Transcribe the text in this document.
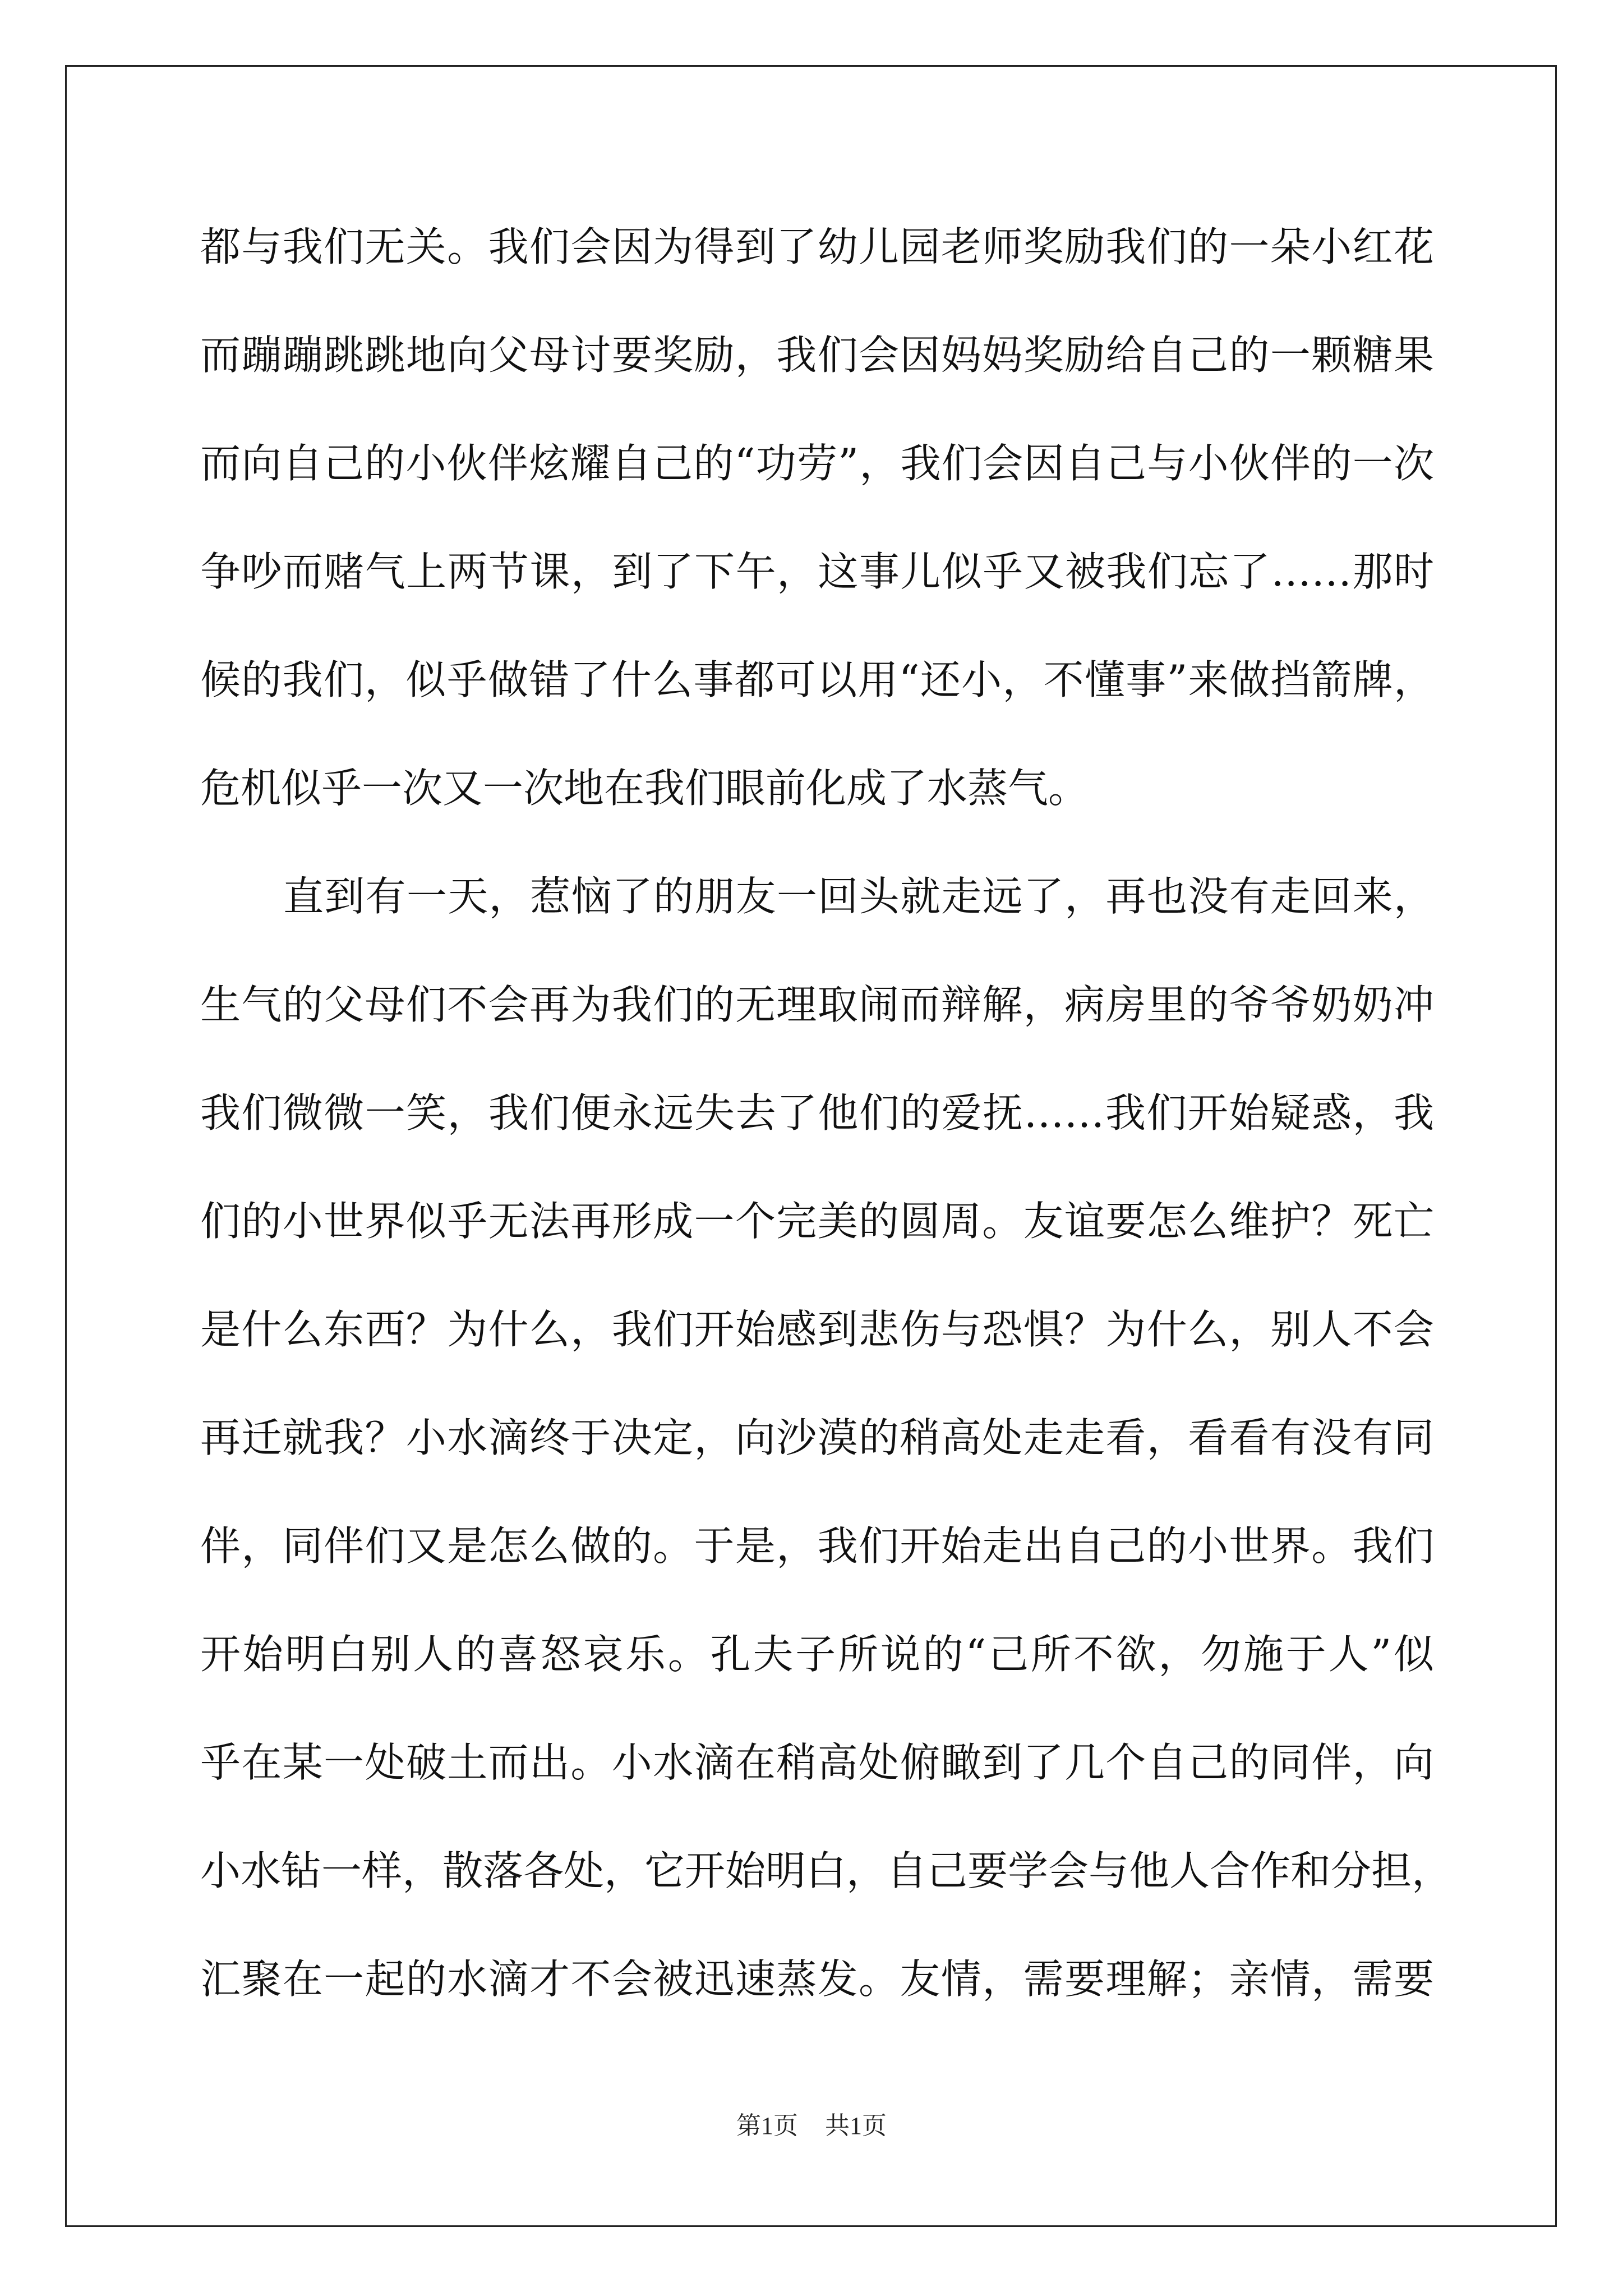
都与我们无关。我们会因为得到了幼儿园老师奖励我们的一朵小红花
而蹦蹦跳跳地向父母讨要奖励，我们会因妈妈奖励给自己的一颗糖果
而向自己的小伙伴炫耀自己的“功劳”，我们会因自己与小伙伴的一次
争吵而赌气上两节课，到了下午，这事儿似乎又被我们忘了……那时
候的我们，似乎做错了什么事都可以用“还小，不懂事”来做挡箭牌，
危机似乎一次又一次地在我们眼前化成了水蒸气。
直到有一天，惹恼了的朋友一回头就走远了，再也没有走回来，
生气的父母们不会再为我们的无理取闹而辩解，病房里的爷爷奶奶冲
我们微微一笑，我们便永远失去了他们的爱抚……我们开始疑惑，我
们的小世界似乎无法再形成一个完美的圆周。友谊要怎么维护？死亡
是什么东西？为什么，我们开始感到悲伤与恐惧？为什么，别人不会
再迁就我？小水滴终于决定，向沙漠的稍高处走走看，看看有没有同
伴，同伴们又是怎么做的。于是，我们开始走出自己的小世界。我们
开始明白别人的喜怒哀乐。孔夫子所说的“己所不欲，勿施于人”似
乎在某一处破土而出。小水滴在稍高处俯瞰到了几个自己的同伴，向
小水钻一样，散落各处，它开始明白，自己要学会与他人合作和分担，
汇聚在一起的水滴才不会被迅速蒸发。友情，需要理解；亲情，需要
第1页 共1页
